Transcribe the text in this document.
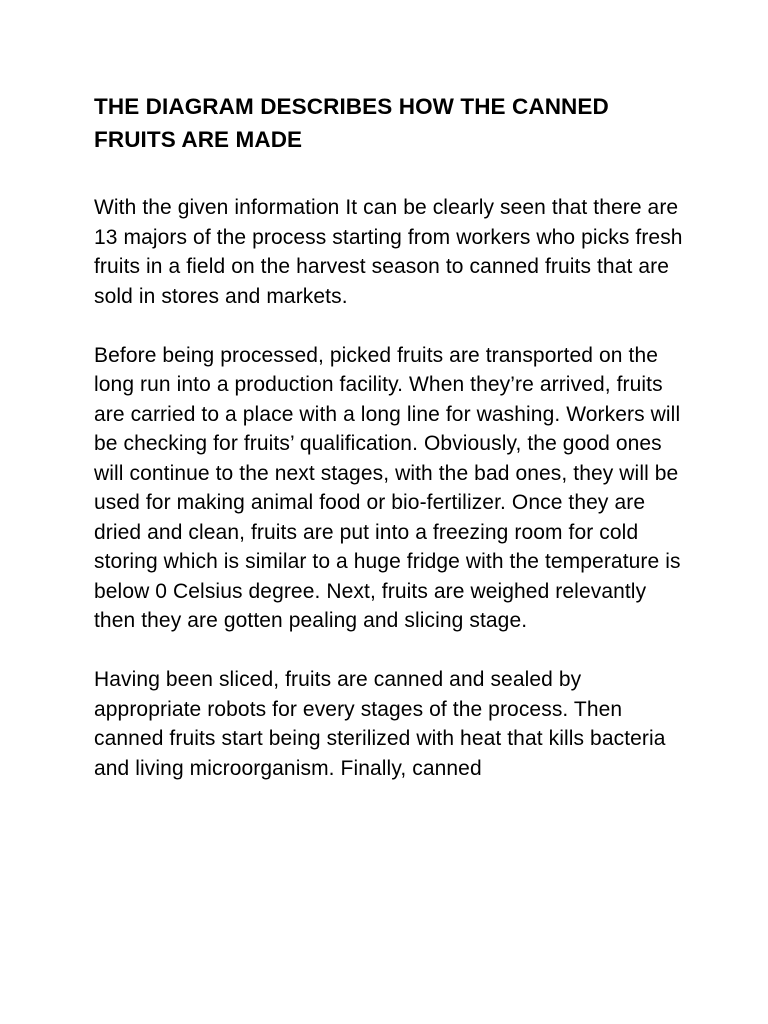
THE DIAGRAM DESCRIBES HOW THE CANNED FRUITS ARE MADE

With the given information It can be clearly seen that there are 13 majors of the process starting from workers who picks fresh fruits in a field on the harvest season to canned fruits that are sold in stores and markets.

Before being processed, picked fruits are transported on the long run into a production facility. When they’re arrived, fruits are carried to a place with a long line for washing. Workers will be checking for fruits’ qualification. Obviously, the good ones will continue to the next stages, with the bad ones, they will be used for making animal food or bio-fertilizer. Once they are dried and clean, fruits are put into a freezing room for cold storing which is similar to a huge fridge with the temperature is below 0 Celsius degree. Next, fruits are weighed relevantly then they are gotten pealing and slicing stage.

Having been sliced, fruits are canned and sealed by appropriate robots for every stages of the process. Then canned fruits start being sterilized with heat that kills bacteria and living microorganism. Finally, canned
